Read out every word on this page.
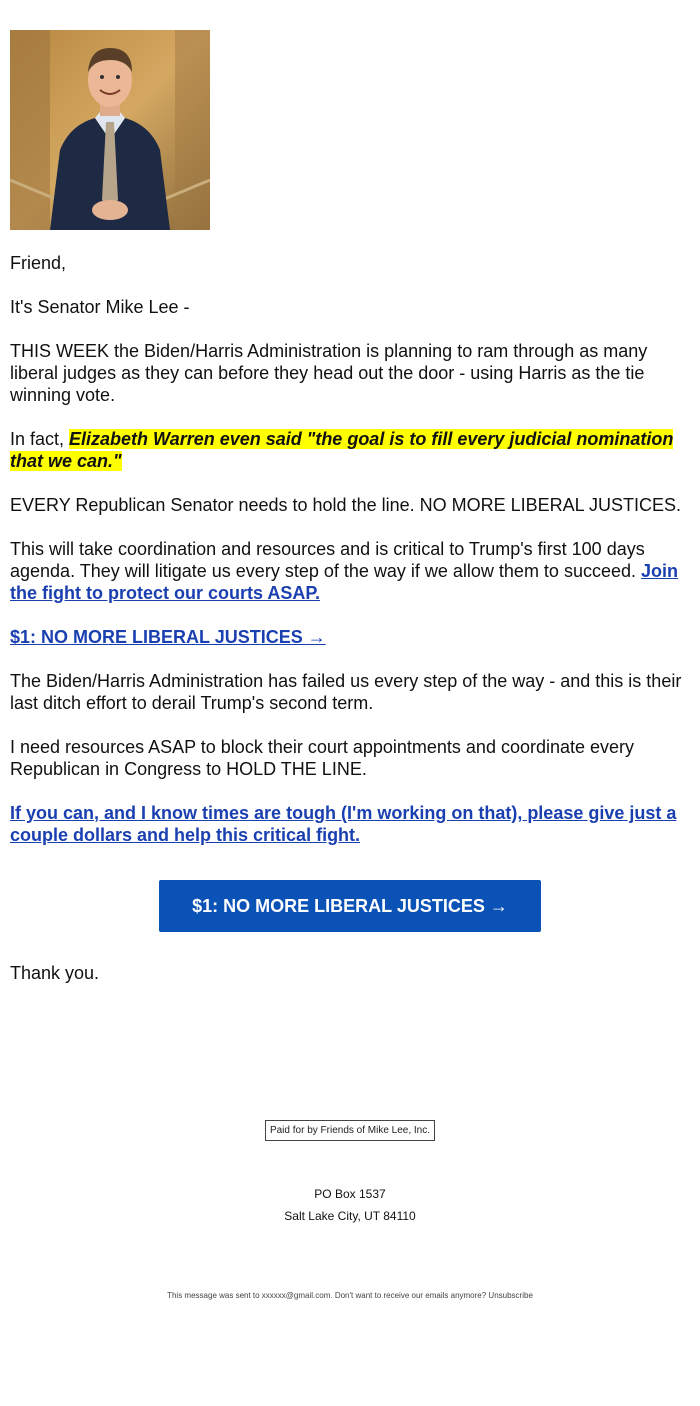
Friend,

It's Senator Mike Lee -

THIS WEEK the Biden/Harris Administration is planning to ram through as many liberal judges as they can before they head out the door - using Harris as the tie winning vote.

In fact, Elizabeth Warren even said "the goal is to fill every judicial nomination that we can."

EVERY Republican Senator needs to hold the line. NO MORE LIBERAL JUSTICES.

This will take coordination and resources and is critical to Trump's first 100 days agenda. They will litigate us every step of the way if we allow them to succeed. Join the fight to protect our courts ASAP.

$1: NO MORE LIBERAL JUSTICES →

The Biden/Harris Administration has failed us every step of the way - and this is their last ditch effort to derail Trump's second term.

I need resources ASAP to block their court appointments and coordinate every Republican in Congress to HOLD THE LINE.

If you can, and I know times are tough (I'm working on that), please give just a couple dollars and help this critical fight.

$1: NO MORE LIBERAL JUSTICES →

Thank you.

Paid for by Friends of Mike Lee, Inc.
PO Box 1537
Salt Lake City, UT 84110
This message was sent to xxxxxx@gmail.com. Don't want to receive our emails anymore? Unsubscribe
